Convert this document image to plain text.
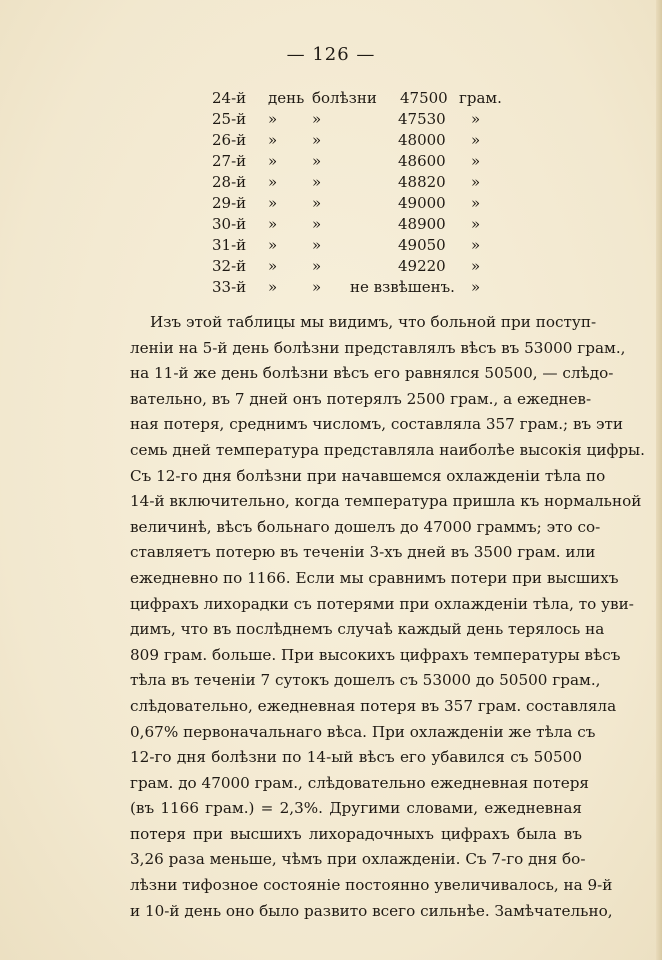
— 126 —
24-й день болѣзни 47500 грам.
25-й » »	47530 »
26-й » »	48000 »
27-й » »	48600 »
28-й » »	48820 »
29-й » »	49000 »
30-й » »	48900 »
31-й » »	49050 »
32-й » »	49220 »
33-й » » не взвѣшенъ. »
Изъ этой таблицы мы видимъ, что больной при поступ-
леніи на 5-й день болѣзни представлялъ вѣсъ въ 53000 грам.,
на 11-й же день болѣзни вѣсъ его равнялся 50500, — слѣдо-
вательно, въ 7 дней онъ потерялъ 2500 грам., а ежеднев-
ная потеря, среднимъ числомъ, составляла 357 грам.; въ эти
семь дней температура представляла наиболѣе высокія цифры.
Съ 12-го дня болѣзни при начавшемся охлажденіи тѣла по
14-й включительно, когда температура пришла къ нормальной
величинѣ, вѣсъ больнаго дошелъ до 47000 граммъ; это со-
ставляетъ потерю въ теченіи 3-хъ дней въ 3500 грам. или
ежедневно по 1166. Если мы сравнимъ потери при высшихъ
цифрахъ лихорадки съ потерями при охлажденіи тѣла, то уви-
димъ, что въ послѣднемъ случаѣ каждый день терялось на
809 грам. больше. При высокихъ цифрахъ температуры вѣсъ
тѣла въ теченіи 7 сутокъ дошелъ съ 53000 до 50500 грам.,
слѣдовательно, ежедневная потеря въ 357 грам. составляла
0,67% первоначальнаго вѣса. При охлажденіи же тѣла съ
12-го дня болѣзни по 14-ый вѣсъ его убавился съ 50500
грам. до 47000 грам., слѣдовательно ежедневная потеря
(въ 1166 грам.) = 2,3%. Другими словами, ежедневная
потеря при высшихъ лихорадочныхъ цифрахъ была въ
3,26 раза меньше, чѣмъ при охлажденіи. Съ 7-го дня бо-
лѣзни тифозное состояніе постоянно увеличивалось, на 9-й
и 10-й день оно было развито всего сильнѣе. Замѣчательно,
